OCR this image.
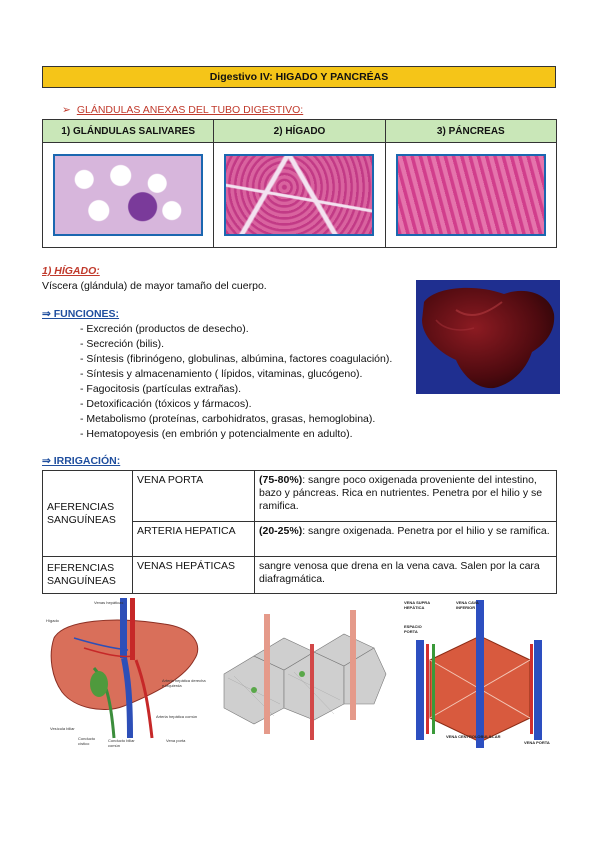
Digestivo IV: HIGADO Y PANCRÉAS
➢ GLÁNDULAS ANEXAS DEL TUBO DIGESTIVO:
1) GLÁNDULAS SALIVARES	2) HÍGADO	3) PÁNCREAS

1) HÍGADO:
Víscera (glándula) de mayor tamaño del cuerpo.
⇒ FUNCIONES:
- Excreción (productos de desecho).
- Secreción (bilis).
- Síntesis (fibrinógeno, globulinas, albúmina, factores coagulación).
- Síntesis y almacenamiento ( lípidos, vitaminas, glucógeno).
- Fagocitosis (partículas extrañas).
- Detoxificación (tóxicos y fármacos).
- Metabolismo (proteínas, carbohidratos, grasas, hemoglobina).
- Hematopoyesis (en embrión y potencialmente en adulto).
⇒ IRRIGACIÓN:
AFERENCIAS SANGUÍNEAS	VENA PORTA	(75-80%): sangre poco oxigenada proveniente del intestino, bazo y páncreas. Rica en nutrientes. Penetra por el hilio y se ramifica.
	ARTERIA HEPATICA	(20-25%): sangre oxigenada. Penetra por el hilio y se ramifica.
EFERENCIAS SANGUÍNEAS	VENAS HEPÁTICAS	sangre venosa que drena en la vena cava. Salen por la cara diafragmática.
Venas hepáticas
Hígado
Arteria hepática derecha e izquierda
Arteria hepática común
Vesícula biliar
Conducto cístico
Conducto biliar común
Vena porta
VENA SUPRA HEPÁTICA
VENA CAVA INFERIOR
ESPACIO PORTA
VENA CENTROLOBULILLAR
VENA PORTA
